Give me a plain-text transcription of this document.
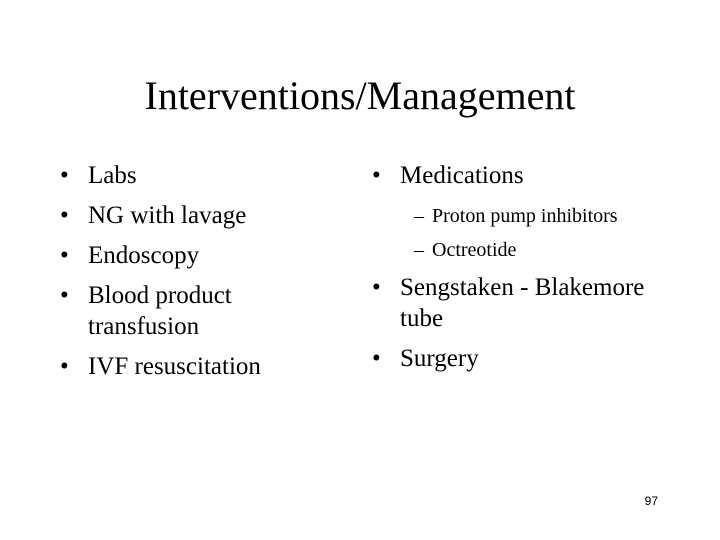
Interventions/Management
• Labs
• NG with lavage
• Endoscopy
• Blood product transfusion
• IVF resuscitation
• Medications
– Proton pump inhibitors
– Octreotide
• Sengstaken - Blakemore tube
• Surgery
97
